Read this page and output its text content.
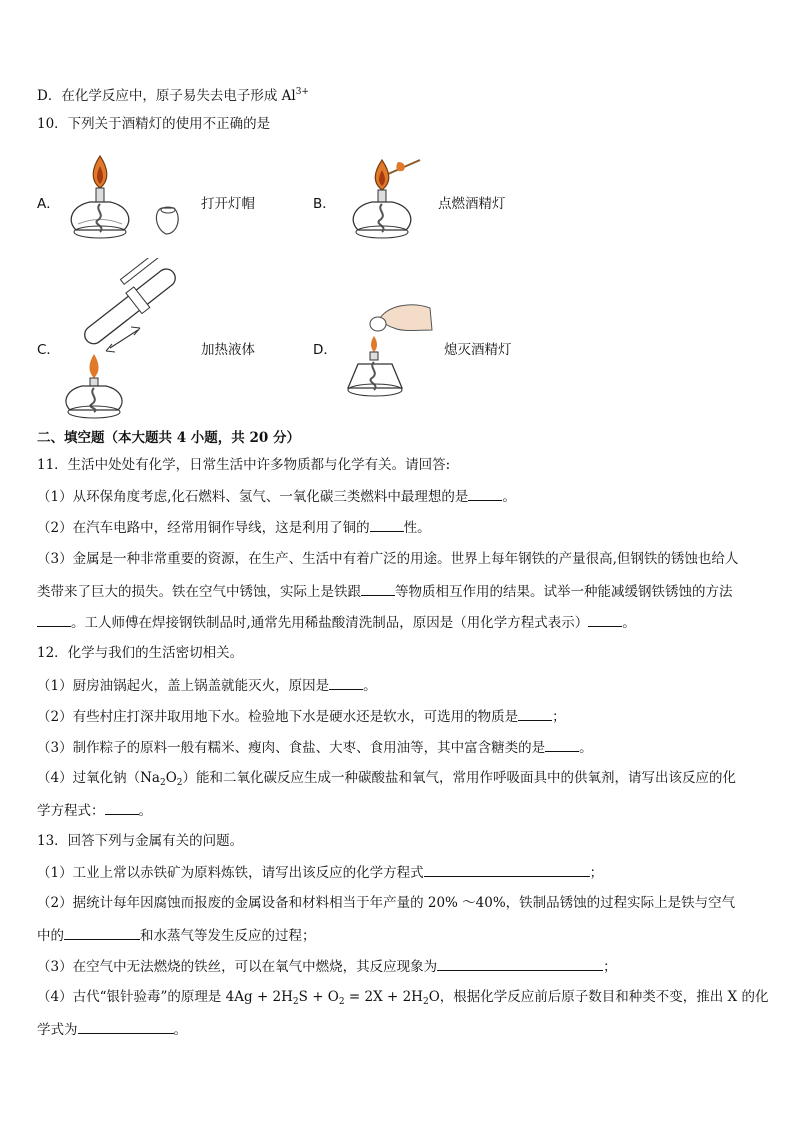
D．在化学反应中，原子易失去电子形成 $Al^{3+}$
10．下列关于酒精灯的使用不正确的是
A．	打开灯帽	B．	点燃酒精灯
C．	加热液体	D．	熄灭酒精灯
二、填空题（本大题共 4 小题，共 20 分）
11．生活中处处有化学，日常生活中许多物质都与化学有关。请回答:
（1）从环保角度考虑,化石燃料、氢气、一氧化碳三类燃料中最理想的是	。
（2）在汽车电路中，经常用铜作导线，这是利用了铜的	性。
（3）金属是一种非常重要的资源，在生产、生活中有着广泛的用途。世界上每年钢铁的产量很高,但钢铁的锈蚀也给人
类带来了巨大的损失。铁在空气中锈蚀，实际上是铁跟	等物质相互作用的结果。试举一种能减缓钢铁锈蚀的方法
。工人师傅在焊接钢铁制品时,通常先用稀盐酸清洗制品，原因是（用化学方程式表示）	。
12．化学与我们的生活密切相关。
（1）厨房油锅起火，盖上锅盖就能灭火，原因是	。
（2）有些村庄打深井取用地下水。检验地下水是硬水还是软水，可选用的物质是	；
（3）制作粽子的原料一般有糯米、瘦肉、食盐、大枣、食用油等，其中富含糖类的是	。
（4）过氧化钠$(Na_2O_2)$能和二氧化碳反应生成一种碳酸盐和氧气，常用作呼吸面具中的供氧剂，请写出该反应的化
学方程式：	。
13．回答下列与金属有关的问题。
（1）工业上常以赤铁矿为原料炼铁，请写出该反应的化学方程式	；
（2）据统计每年因腐蚀而报废的金属设备和材料相当于年产量的 20% ～40%，铁制品锈蚀的过程实际上是铁与空气
中的	和水蒸气等发生反应的过程；
（3）在空气中无法燃烧的铁丝，可以在氧气中燃烧，其反应现象为	；
（4）古代“银针验毒”的原理是 $4Ag + 2H_2S + O_2 = 2X + 2H_2O$，根据化学反应前后原子数目和种类不变，推出 X 的化
学式为	。
